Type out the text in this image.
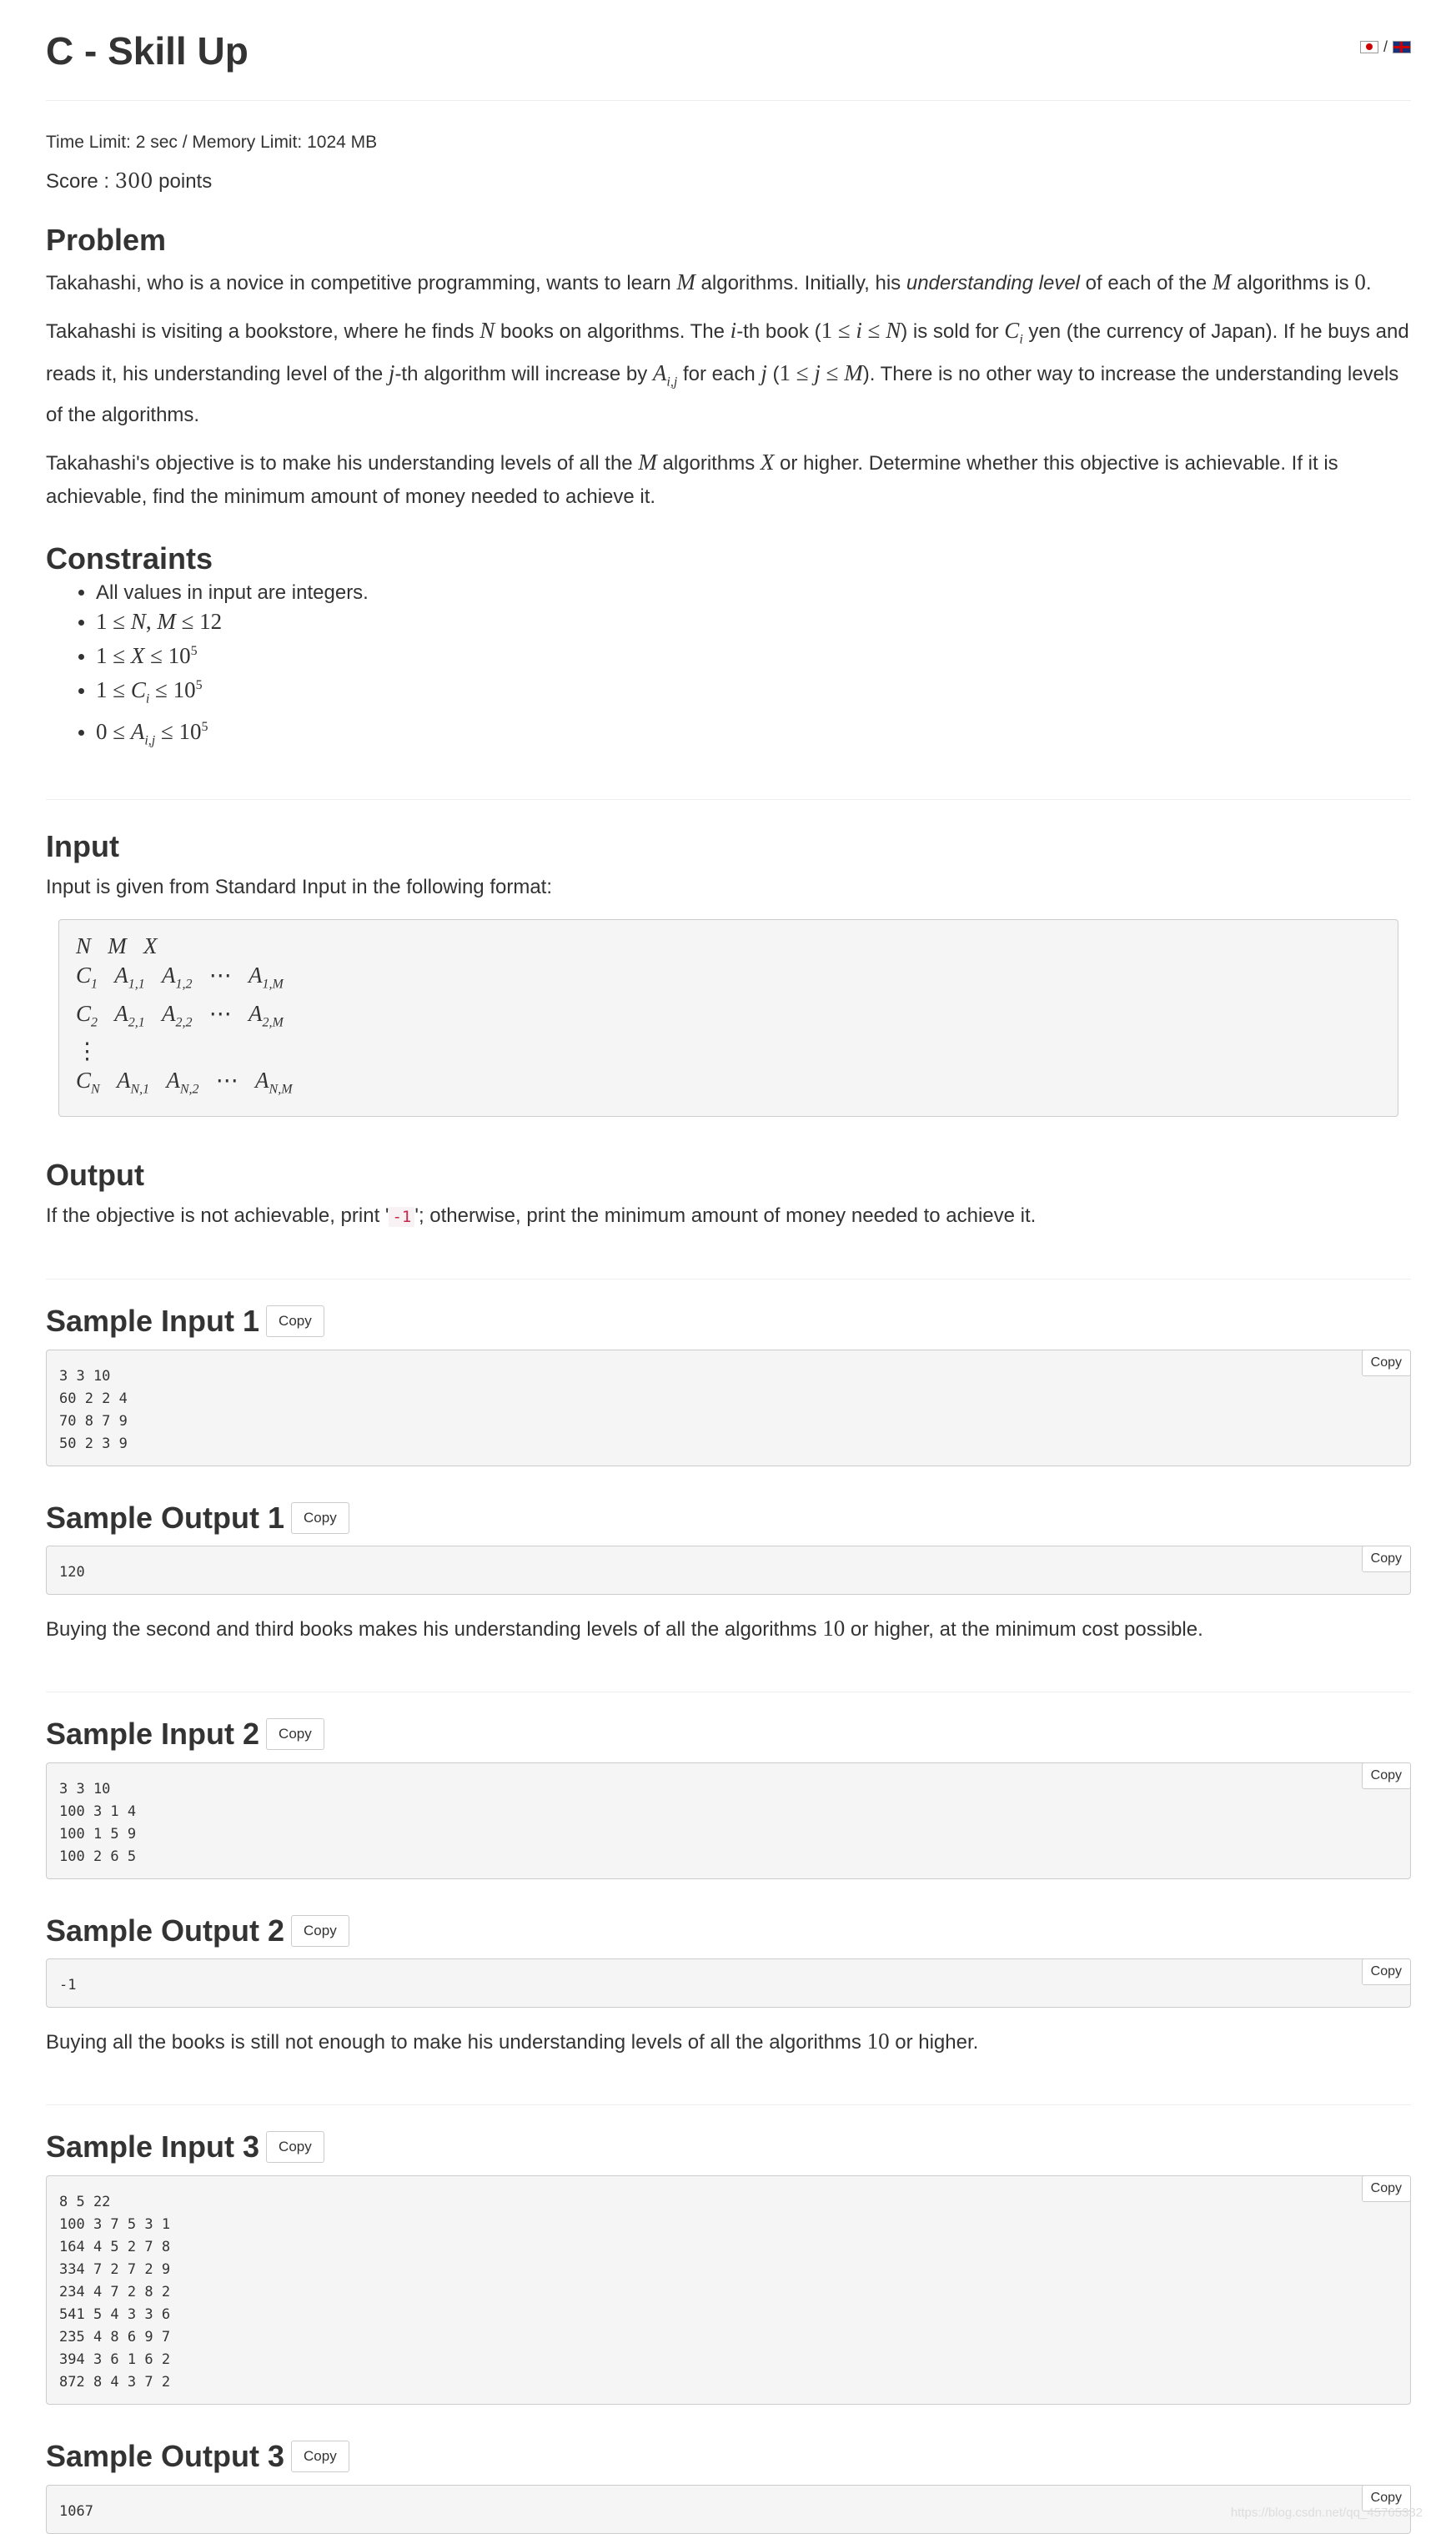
C - Skill Up	/
Time Limit: 2 sec / Memory Limit: 1024 MB
Score : 300 points
Problem

Takahashi, who is a novice in competitive programming, wants to learn M algorithms. Initially, his understanding level of each of the M algorithms is 0.

Takahashi is visiting a bookstore, where he finds N books on algorithms. The i-th book (1 ≤ i ≤ N) is sold for $C_i$ yen (the currency of Japan). If he buys and reads it, his understanding level of the j-th algorithm will increase by $A_{i,j}$ for each j (1 ≤ j ≤ M). There is no other way to increase the understanding levels of the algorithms.

Takahashi's objective is to make his understanding levels of all the M algorithms X or higher. Determine whether this objective is achievable. If it is achievable, find the minimum amount of money needed to achieve it.

Constraints
• All values in input are integers.
• 1 ≤ N, M ≤ 12
• $1 \le X \le 10^5$
• $1 \le C_i \le 10^5$
• $0 \le A_{i,j} \le 10^5$
Input

Input is given from Standard Input in the following format:

N   M   X
$C_1$   $A_{1,1}$   $A_{1,2}$ ⋯   $A_{1,M}$
$C_2$   $A_{2,1}$   $A_{2,2}$ ⋯   $A_{2,M}$
⋮
$C_N$   $A_{N,1}$   $A_{N,2}$ ⋯   $A_{N,M}$
Output

If the objective is not achievable, print ' -1 '; otherwise, print the minimum amount of money needed to achieve it.

Sample Input 1	Copy
3 3 10
60 2 2 4
70 8 7 9
50 2 3 9
Copy
Sample Output 1	Copy
120
Copy

Buying the second and third books makes his understanding levels of all the algorithms 10 or higher, at the minimum cost possible.

Sample Input 2	Copy
3 3 10
100 3 1 4
100 1 5 9
100 2 6 5
Copy
Sample Output 2	Copy
-1
Copy

Buying all the books is still not enough to make his understanding levels of all the algorithms 10 or higher.

Sample Input 3	Copy
8 5 22
100 3 7 5 3 1
164 4 5 2 7 8
334 7 2 7 2 9
234 4 7 2 8 2
541 5 4 3 3 6
235 4 8 6 9 7
394 3 6 1 6 2
872 8 4 3 7 2
Copy
Sample Output 3	Copy
1067
Copy
https://blog.csdn.net/qq_45765332
